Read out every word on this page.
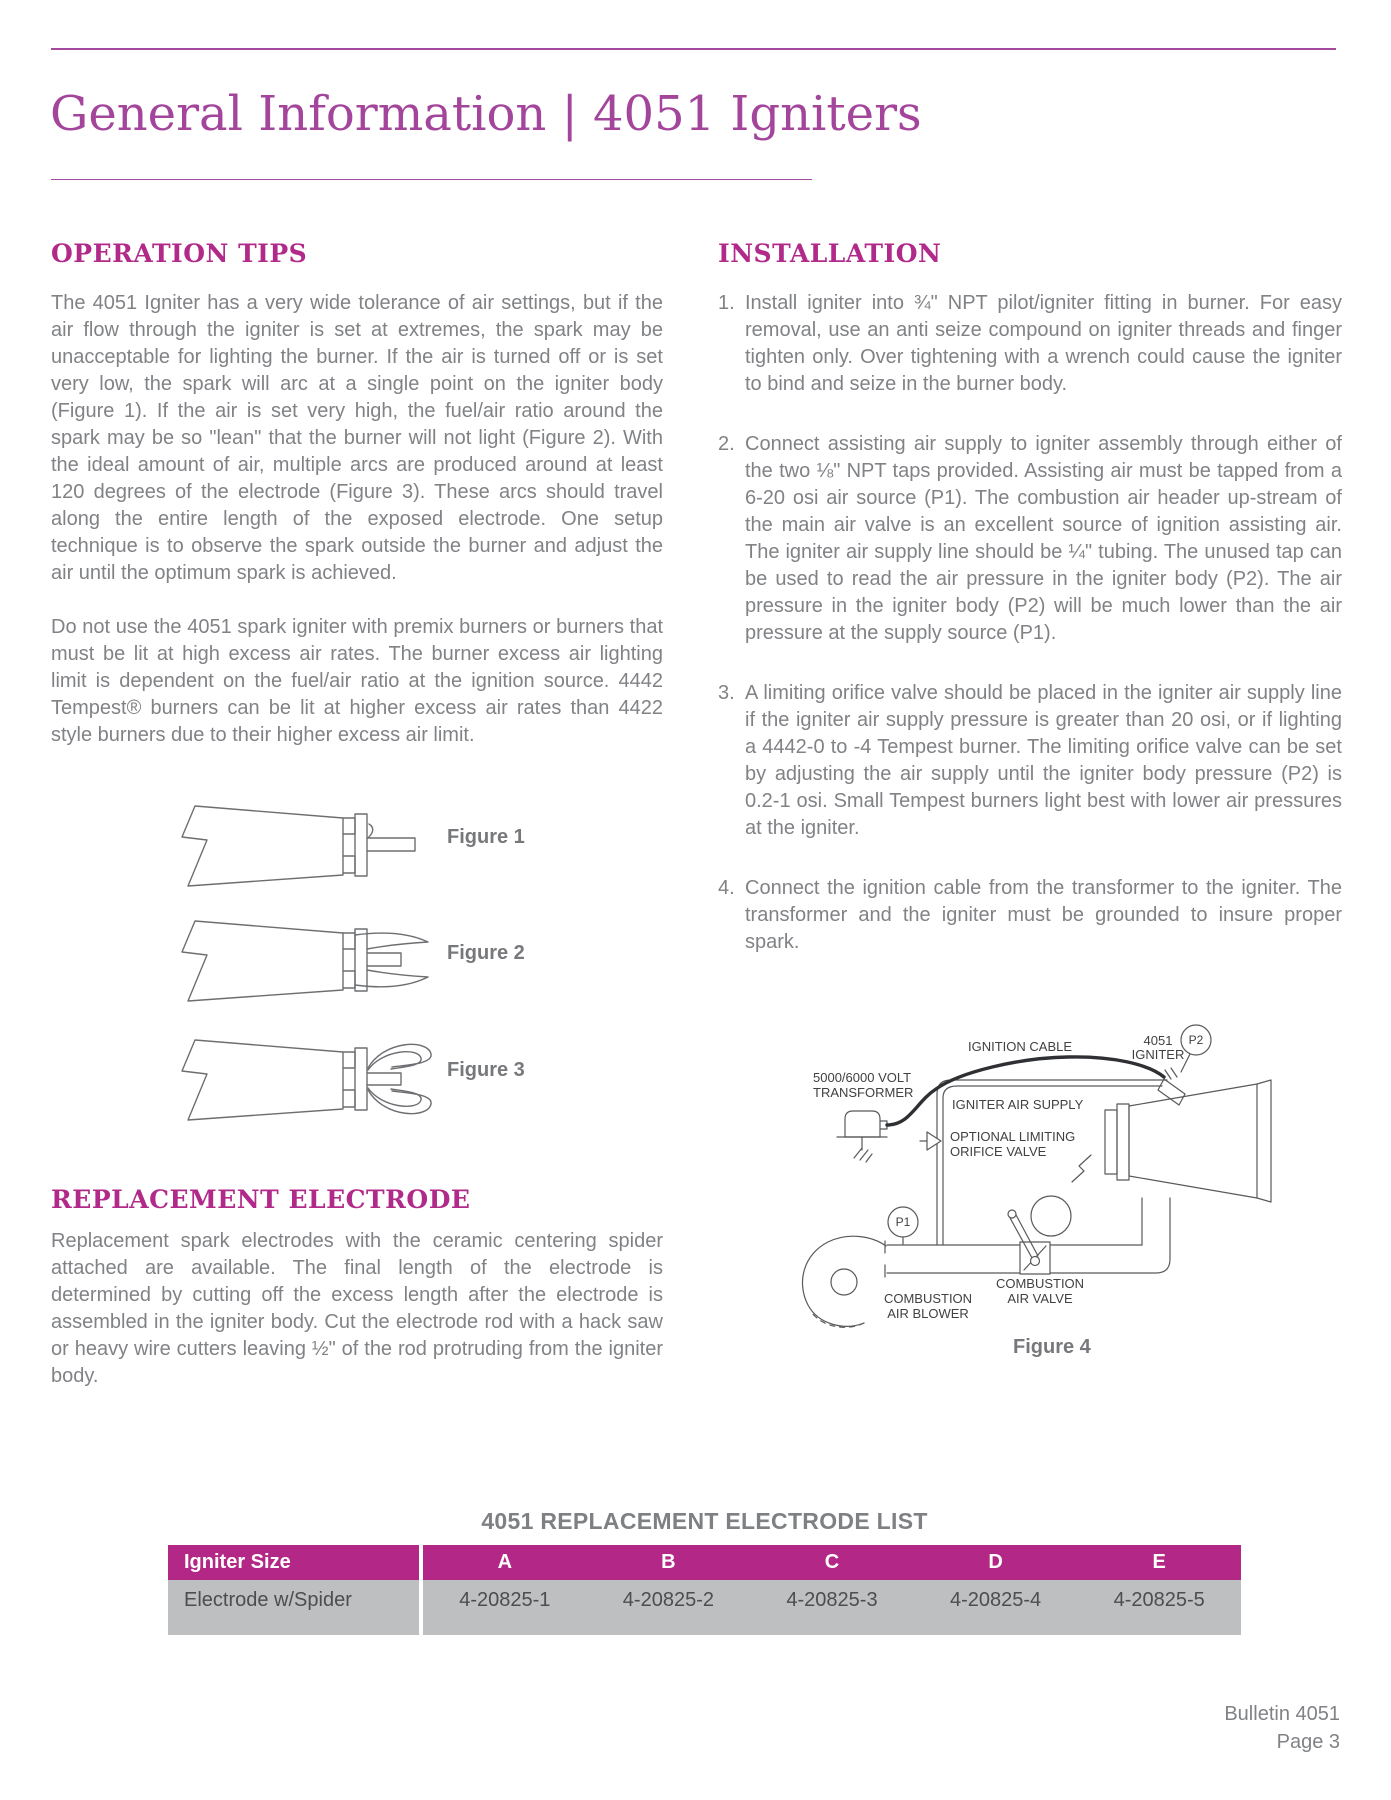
General Information | 4051 Igniters
OPERATION TIPS

The 4051 Igniter has a very wide tolerance of air settings, but if the air flow through the igniter is set at extremes, the spark may be unacceptable for lighting the burner. If the air is turned off or is set very low, the spark will arc at a single point on the igniter body (Figure 1). If the air is set very high, the fuel/air ratio around the spark may be so "lean" that the burner will not light (Figure 2). With the ideal amount of air, multiple arcs are produced around at least 120 degrees of the electrode (Figure 3). These arcs should travel along the entire length of the exposed electrode. One setup technique is to observe the spark outside the burner and adjust the air until the optimum spark is achieved.

Do not use the 4051 spark igniter with premix burners or burners that must be lit at high excess air rates. The burner excess air lighting limit is dependent on the fuel/air ratio at the ignition source. 4442 Tempest® burners can be lit at higher excess air rates than 4422 style burners due to their higher excess air limit.

Figure 1
Figure 2
Figure 3
REPLACEMENT ELECTRODE

Replacement spark electrodes with the ceramic centering spider attached are available. The final length of the electrode is determined by cutting off the excess length after the electrode is assembled in the igniter body. Cut the electrode rod with a hack saw or heavy wire cutters leaving ½" of the rod protruding from the igniter body.

INSTALLATION
1. Install igniter into ¾" NPT pilot/igniter fitting in burner. For easy removal, use an anti seize compound on igniter threads and finger tighten only. Over tightening with a wrench could cause the igniter to bind and seize in the burner body.
2. Connect assisting air supply to igniter assembly through either of the two ⅛" NPT taps provided. Assisting air must be tapped from a 6-20 osi air source (P1). The combustion air header up-stream of the main air valve is an excellent source of ignition assisting air. The igniter air supply line should be ¼" tubing. The unused tap can be used to read the air pressure in the igniter body (P2). The air pressure in the igniter body (P2) will be much lower than the air pressure at the supply source (P1).
3. A limiting orifice valve should be placed in the igniter air supply line if the igniter air supply pressure is greater than 20 osi, or if lighting a 4442-0 to -4 Tempest burner. The limiting orifice valve can be set by adjusting the air supply until the igniter body pressure (P2) is 0.2-1 osi. Small Tempest burners light best with lower air pressures at the igniter.
4. Connect the ignition cable from the transformer to the igniter. The transformer and the igniter must be grounded to insure proper spark.
IGNITION CABLE	4051
IGNITER
P2
5000/6000 VOLT
TRANSFORMER
IGNITER AIR SUPPLY
OPTIONAL LIMITING
ORIFICE VALVE
P1
COMBUSTION
AIR BLOWER
COMBUSTION
AIR VALVE
Figure 4
4051 REPLACEMENT ELECTRODE LIST
Igniter Size	A	B	C	D	E
Electrode w/Spider	4-20825-1	4-20825-2	4-20825-3	4-20825-4	4-20825-5
Bulletin 4051
Page 3
